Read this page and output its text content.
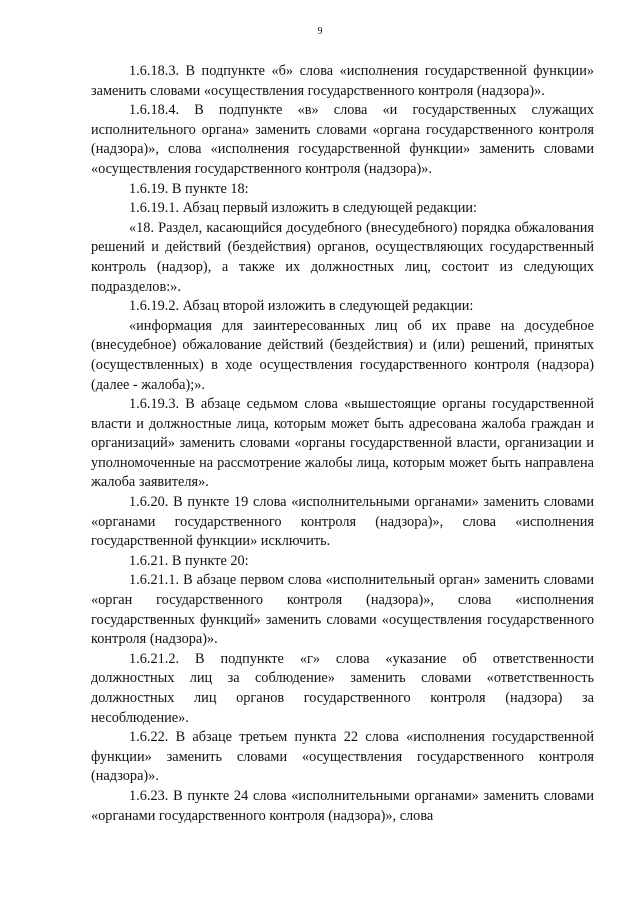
9

1.6.18.3. В подпункте «б» слова «исполнения государственной функции» заменить словами «осуществления государственного контроля (надзора)».

1.6.18.4. В подпункте «в» слова «и государственных служащих исполнительного органа» заменить словами «органа государственного контроля (надзора)», слова «исполнения государственной функции» заменить словами «осуществления государственного контроля (надзора)».

1.6.19. В пункте 18:

1.6.19.1. Абзац первый изложить в следующей редакции:

«18. Раздел, касающийся досудебного (внесудебного) порядка обжалования решений и действий (бездействия) органов, осуществляющих государственный контроль (надзор), а также их должностных лиц, состоит из следующих подразделов:».

1.6.19.2. Абзац второй изложить в следующей редакции:

«информация для заинтересованных лиц об их праве на досудебное (внесудебное) обжалование действий (бездействия) и (или) решений, принятых (осуществленных) в ходе осуществления государственного контроля (надзора) (далее - жалоба);».

1.6.19.3. В абзаце седьмом слова «вышестоящие органы государственной власти и должностные лица, которым может быть адресована жалоба граждан и организаций» заменить словами «органы государственной власти, организации и уполномоченные на рассмотрение жалобы лица, которым может быть направлена жалоба заявителя».

1.6.20. В пункте 19 слова «исполнительными органами» заменить словами «органами государственного контроля (надзора)», слова «исполнения государственной функции» исключить.

1.6.21. В пункте 20:

1.6.21.1. В абзаце первом слова «исполнительный орган» заменить словами «орган государственного контроля (надзора)», слова «исполнения государственных функций» заменить словами «осуществления государственного контроля (надзора)».

1.6.21.2. В подпункте «г» слова «указание об ответственности должностных лиц за соблюдение» заменить словами «ответственность должностных лиц органов государственного контроля (надзора) за несоблюдение».

1.6.22. В абзаце третьем пункта 22 слова «исполнения государственной функции» заменить словами «осуществления государственного контроля (надзора)».

1.6.23. В пункте 24 слова «исполнительными органами» заменить словами «органами государственного контроля (надзора)», слова
